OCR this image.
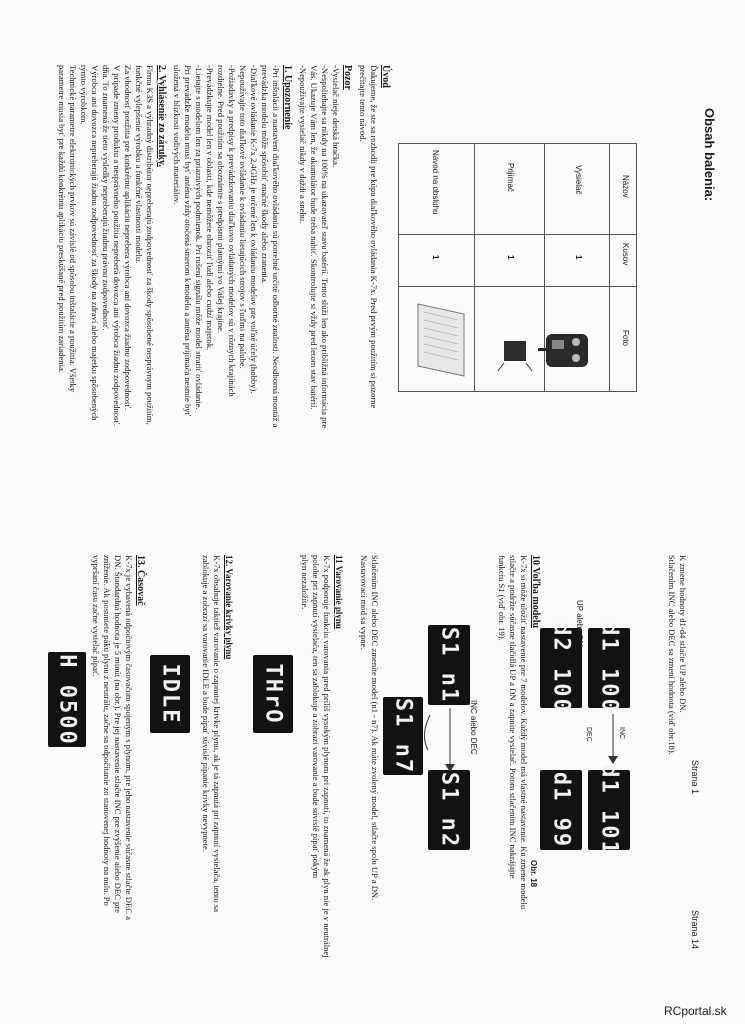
Obsah balenia:
Strana 1
Názov
Kusov
Foto
Vysielač
1
Prijímač
1
Návod na obsluhu
1
Úvod

Ďakujeme, že ste sa rozhodli pre kúpu diaľkového ovládania K-7x. Pred prvým použitím si pozorne

prečítajte tento návod.

Pozor

-Vysielač nieje detská hračka.

-Nespoliehajte sa nikdy na 100% na ukazovateľ stavu batérií. Tento slúži len ako približná informácia pre

Vás. Ukazuje Vám len, že akumulátor bude treba nabiť. Skontrolujte si vždy pred letom stav batérií.

-Nepoužívajte vysielač nikdy v daždi a snehu.

1. Upozornenie

-Pri inštalácii a nastavení diaľkového ovládania sú potrebné určité odborné znalosti. Neodborná montáž a

prevádzka modelu môže spôsobiť značné škody alebo zranenia.

-Diaľkové ovládanie K-7x 2,4GHz je určené len k ovládaniu modelov pre voľné účely (hobby).

Nepoužívajte toto diaľkové ovládanie k ovládaniu lietajúcich strojov s ľuďmi na palube.

-Požiadavky a predpisy k prevádzkovaniu diaľkovo ovládaných modelov sú v rôznych krajinách

rozdielne. Pred použitím sa oboznámte s predpismi platnými vo Vašej krajine.

-Prevádzkujte model len v oblasti, kde nemôžete ohroziť ľudí alebo cudzí majetok.

-Lietajte s modelom len za priaznivých podmienok. Pri rušení signálu môže model stratiť ovládanie.

Pri prevádzke modelu musí byť anténa vždy otočená smerom k modelu a anténa prijímača nesmie byť

uložená v blízkosti vodivých materiálov.

2. Vyhlásenie zo záruky.

Firma K3S a výhradný distribútor nepreberajú zodpovednosť za škody spôsobené nesprávnym použitím,

funkčné vylepšenie výrobku a funkčné vlastnosti modelu.

Za vhodnosť použitia pre konkrétnu aplikáciu neprebera výrobca ani dovozca žiadnu zodpovednosť.

V prípade zmeny produktu a nesprávneho použitia nepreberá dovozca ani výrobca žiadnu zodpovednosť.

dňa. To znamená že tieto výsledky nepreberajú žiadnu právnu zodpovednosť.

Výrobca ani dovozca nepreberajú žiadnu zodpovednosť za škody na zdraví alebo majetku spôsobených

týmto výrobkom.

Technické parametre elektronických prvkov sú závislé od spôsobu inštalácie a použitia. Všetky

parametre musia byť pre každú konkrétnu aplikáciu preskúšané pred použitím zariadenia.

Strana 14

K zmene hodnoty d1-d4 stlačte UP alebo DN.

Stlačením INC alebo DEC sa zmení hodnota (viď obr.18).

d1 100
d1 101
d2 100
d1 99
INC
DEC
UP alebo DN
Obr. 18
10 Voľba modelu

K-7x si môže uložiť nastavenie pre 7 modelov. Každý model má vlastné nastavenie. Ku zmene modelu

stlačte a podržte súčasne tlačidlá UP a DN a zapnite vysielač. Potom stlačením INC nakrájajte

funkciu S1 (viď obr. 19).

S1 n1
S1 n2
S1 n7	INC alebo DEC

Stlačením INC alebo DEC zmeníte model (n1 - n7). Ak máte zvolený model, stlačte spolu UP a DN.

Nastavovací mód sa vypne.

11 Varovanie plynu

K-7x podporuje funkciu varovania pred príliš vysokým plynom pri zapnutí, to znamená že ak plyn nie je v neutrálnej

polohe pri zapnutí vysielača, ten sa zablokuje a zobrazí varovanie a bude súvislé pípať pokým

plyn nezaložíte.

THrO
12. Varovanie krivky plynu

K-7x obsahuje taktiež varovanie o zapnutej krivke plynu, ak je tá zapnutá pri zapnutí vysielača, tento sa

zablokuje a zobrazí sa varovanie IDLE a bude pípať súvislé pípanie krivky nevypnete.

IDLE
13. Časovač

K-7x je vybavená odpočtovým časovačom spojeným s plynom, pre jeho nastavenie súčasne stlačte DEC a

DN. Štandardná hodnota je 5 minút (na obr.). Pre jej nastavenie stlačte INC pre zvýšenie alebo DEC pre

zníženie. Ak posuniete páku plynu z neutrálu, začne sa odpočítanie zo stanovenej hodnoty na nulu. Po

vypršaní času začne vysielač pípať.

H 0500
RCportal.sk
